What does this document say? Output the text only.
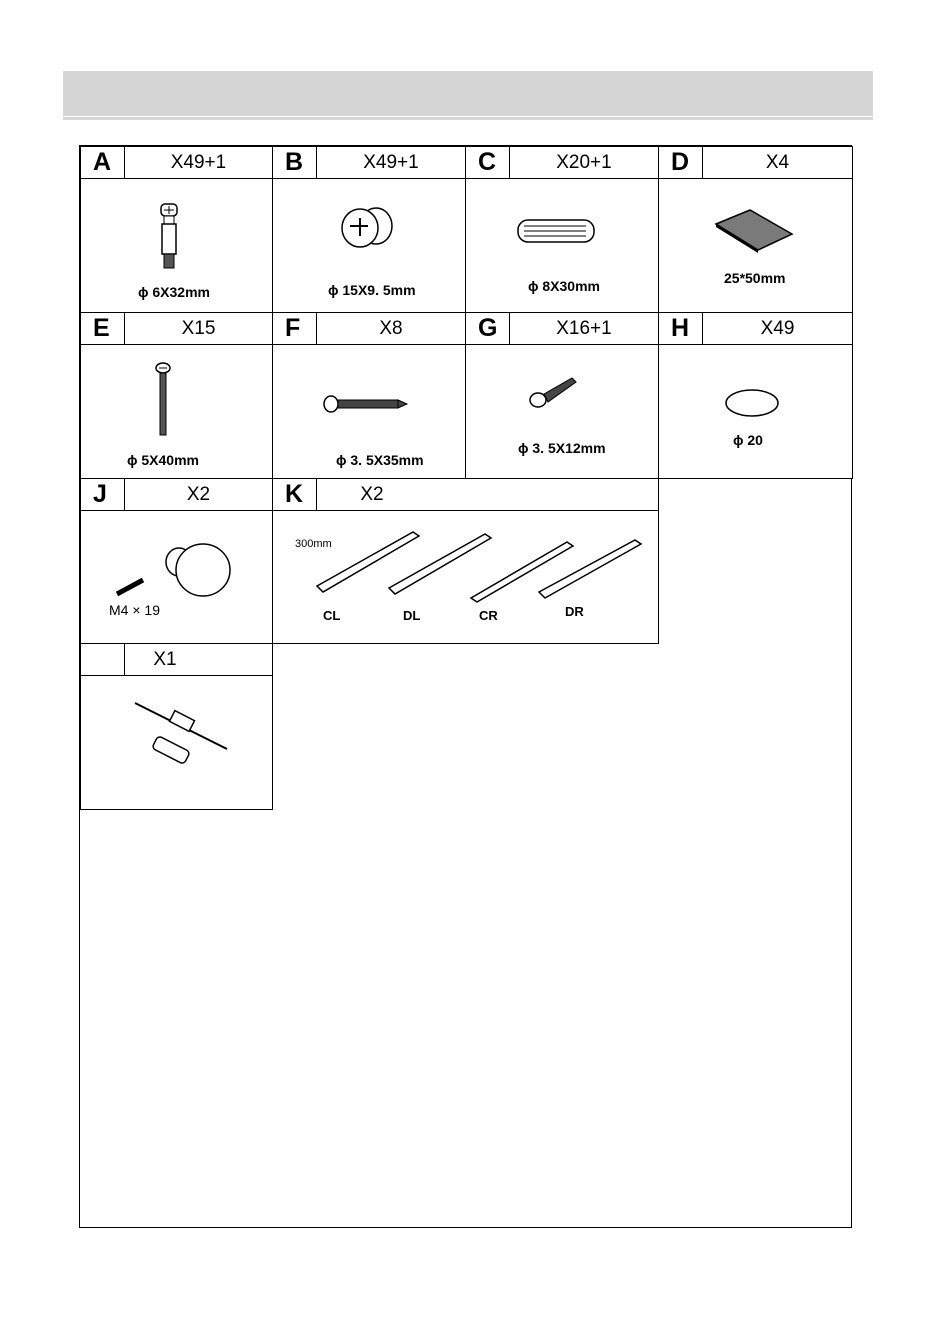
A	X49+1
ϕ 6X32mm
B	X49+1
ϕ 15X9. 5mm
C	X20+1
ϕ 8X30mm
D	X4
25*50mm
E	X15
ϕ 5X40mm
F	X8
ϕ 3. 5X35mm
G	X16+1
ϕ 3. 5X12mm
H	X49
ϕ 20
J	X2
M4 × 19
K	X2
300mm
CL	DL	CR	DR
X1
